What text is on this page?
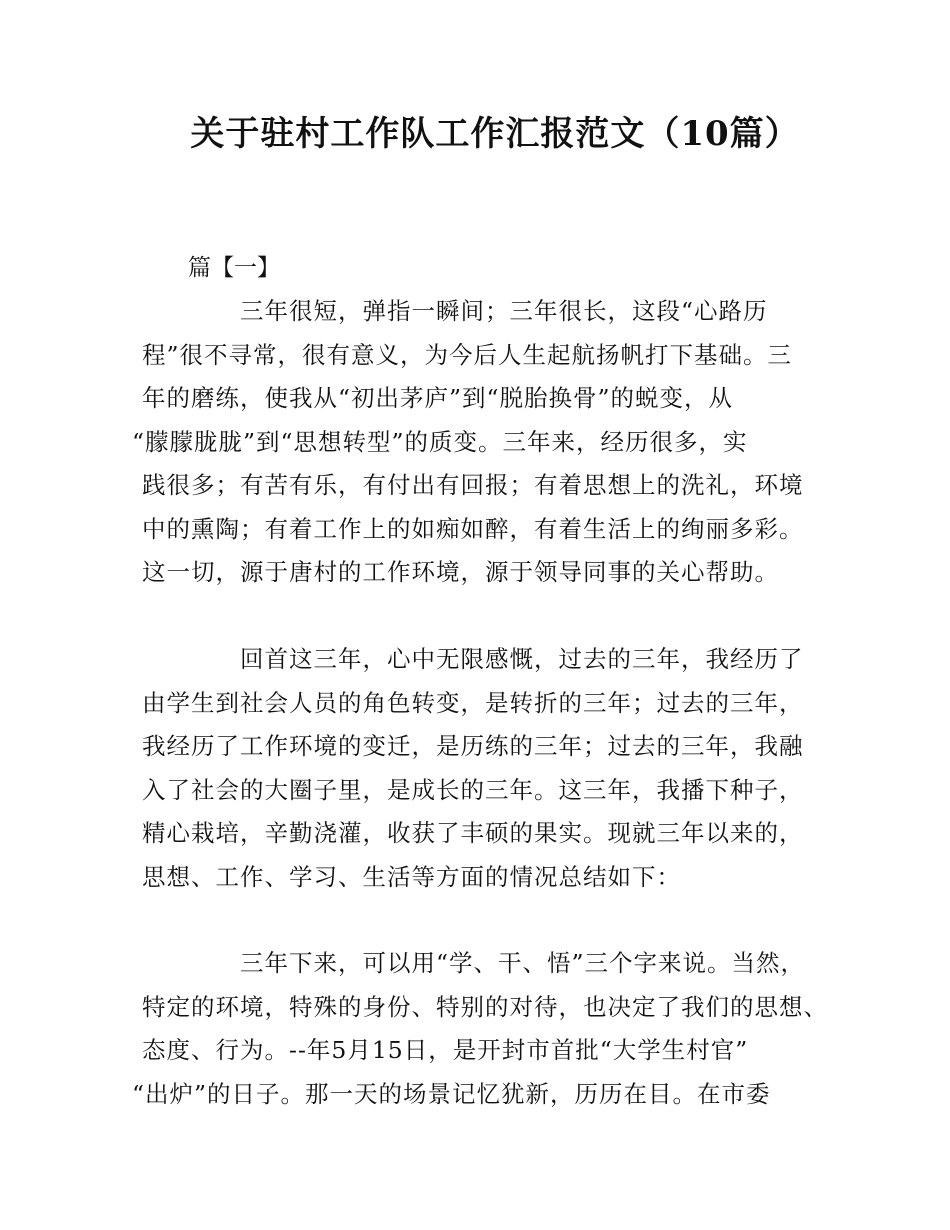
关于驻村工作队工作汇报范文（10篇）
篇【一】
三年很短，弹指一瞬间；三年很长，这段“心路历
程”很不寻常，很有意义，为今后人生起航扬帆打下基础。三
年的磨练，使我从“初出茅庐”到“脱胎换骨”的蜕变，从
“朦朦胧胧”到“思想转型”的质变。三年来，经历很多，实
践很多；有苦有乐，有付出有回报；有着思想上的洗礼，环境
中的熏陶；有着工作上的如痴如醉，有着生活上的绚丽多彩。
这一切，源于唐村的工作环境，源于领导同事的关心帮助。
回首这三年，心中无限感慨，过去的三年，我经历了
由学生到社会人员的角色转变，是转折的三年；过去的三年，
我经历了工作环境的变迁，是历练的三年；过去的三年，我融
入了社会的大圈子里，是成长的三年。这三年，我播下种子，
精心栽培，辛勤浇灌，收获了丰硕的果实。现就三年以来的，
思想、工作、学习、生活等方面的情况总结如下：
三年下来，可以用“学、干、悟”三个字来说。当然，
特定的环境，特殊的身份、特别的对待，也决定了我们的思想、
态度、行为。--年5月15日，是开封市首批“大学生村官”
“出炉”的日子。那一天的场景记忆犹新，历历在目。在市委
